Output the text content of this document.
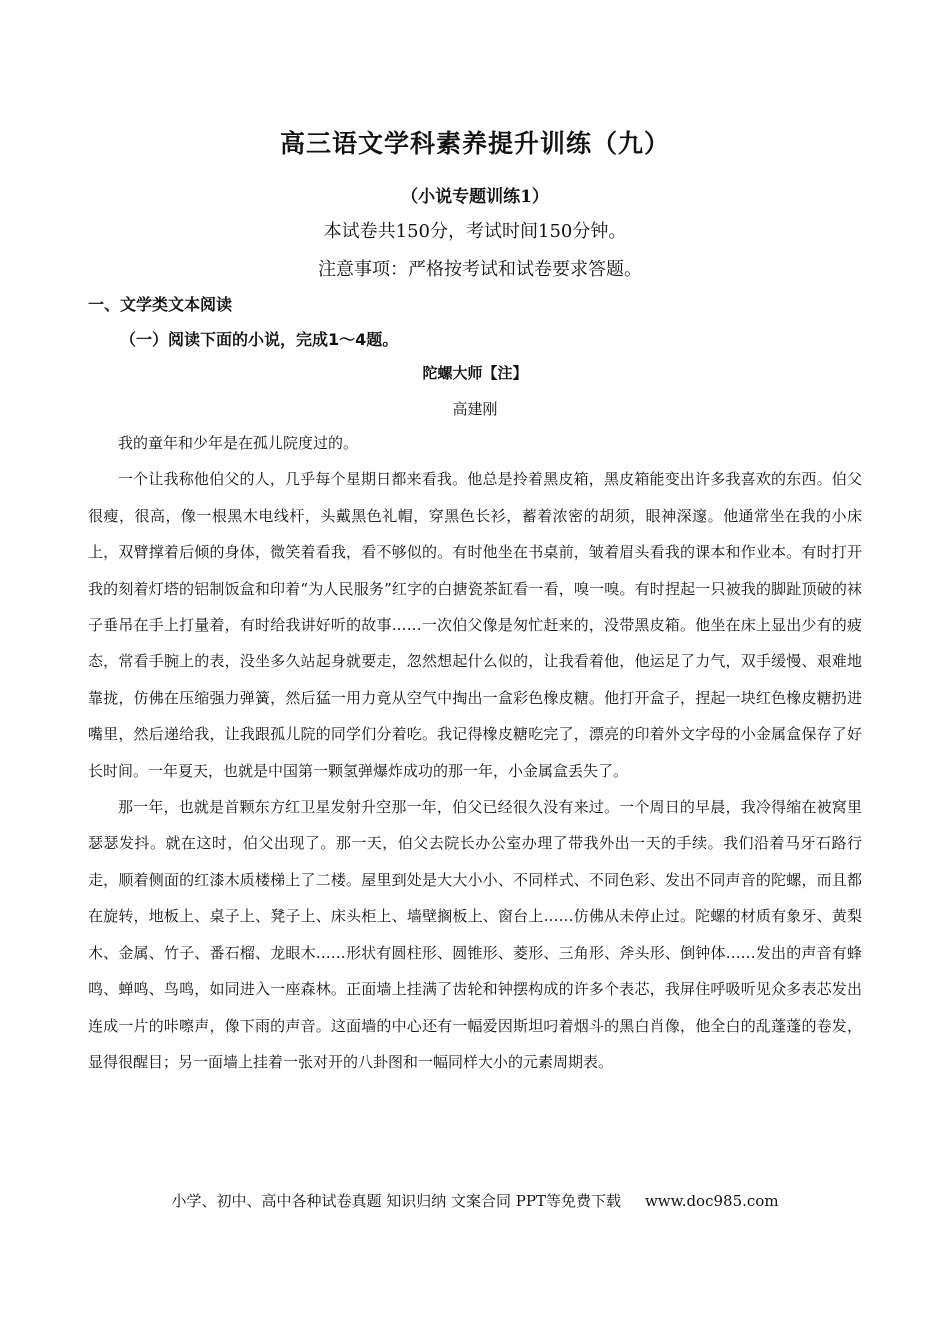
高三语文学科素养提升训练（九）
（小说专题训练1）
本试卷共150分，考试时间150分钟。
注意事项：严格按考试和试卷要求答题。
一、文学类文本阅读
（一）阅读下面的小说，完成1～4题。
陀螺大师【注】
高建刚

我的童年和少年是在孤儿院度过的。

一个让我称他伯父的人，几乎每个星期日都来看我。他总是拎着黑皮箱，黑皮箱能变出许多我喜欢的东西。伯父很瘦，很高，像一根黑木电线杆，头戴黑色礼帽，穿黑色长衫，蓄着浓密的胡须，眼神深邃。他通常坐在我的小床上，双臂撑着后倾的身体，微笑着看我，看不够似的。有时他坐在书桌前，皱着眉头看我的课本和作业本。有时打开我的刻着灯塔的铝制饭盒和印着“为人民服务”红字的白搪瓷茶缸看一看，嗅一嗅。有时捏起一只被我的脚趾顶破的袜子垂吊在手上打量着，有时给我讲好听的故事……一次伯父像是匆忙赶来的，没带黑皮箱。他坐在床上显出少有的疲态，常看手腕上的表，没坐多久站起身就要走，忽然想起什么似的，让我看着他，他运足了力气，双手缓慢、艰难地靠拢，仿佛在压缩强力弹簧，然后猛一用力竟从空气中掏出一盒彩色橡皮糖。他打开盒子，捏起一块红色橡皮糖扔进嘴里，然后递给我，让我跟孤儿院的同学们分着吃。我记得橡皮糖吃完了，漂亮的印着外文字母的小金属盒保存了好长时间。一年夏天，也就是中国第一颗氢弹爆炸成功的那一年，小金属盒丢失了。

那一年，也就是首颗东方红卫星发射升空那一年，伯父已经很久没有来过。一个周日的早晨，我冷得缩在被窝里瑟瑟发抖。就在这时，伯父出现了。那一天，伯父去院长办公室办理了带我外出一天的手续。我们沿着马牙石路行走，顺着侧面的红漆木质楼梯上了二楼。屋里到处是大大小小、不同样式、不同色彩、发出不同声音的陀螺，而且都在旋转，地板上、桌子上、凳子上、床头柜上、墙壁搁板上、窗台上……仿佛从未停止过。陀螺的材质有象牙、黄梨木、金属、竹子、番石榴、龙眼木……形状有圆柱形、圆锥形、菱形、三角形、斧头形、倒钟体……发出的声音有蜂鸣、蝉鸣、鸟鸣，如同进入一座森林。正面墙上挂满了齿轮和钟摆构成的许多个表芯，我屏住呼吸听见众多表芯发出连成一片的咔嚓声，像下雨的声音。这面墙的中心还有一幅爱因斯坦叼着烟斗的黑白肖像，他全白的乱蓬蓬的卷发，显得很醒目；另一面墙上挂着一张对开的八卦图和一幅同样大小的元素周期表。

小学、初中、高中各种试卷真题 知识归纳 文案合同 PPT等免费下载 www.doc985.com
